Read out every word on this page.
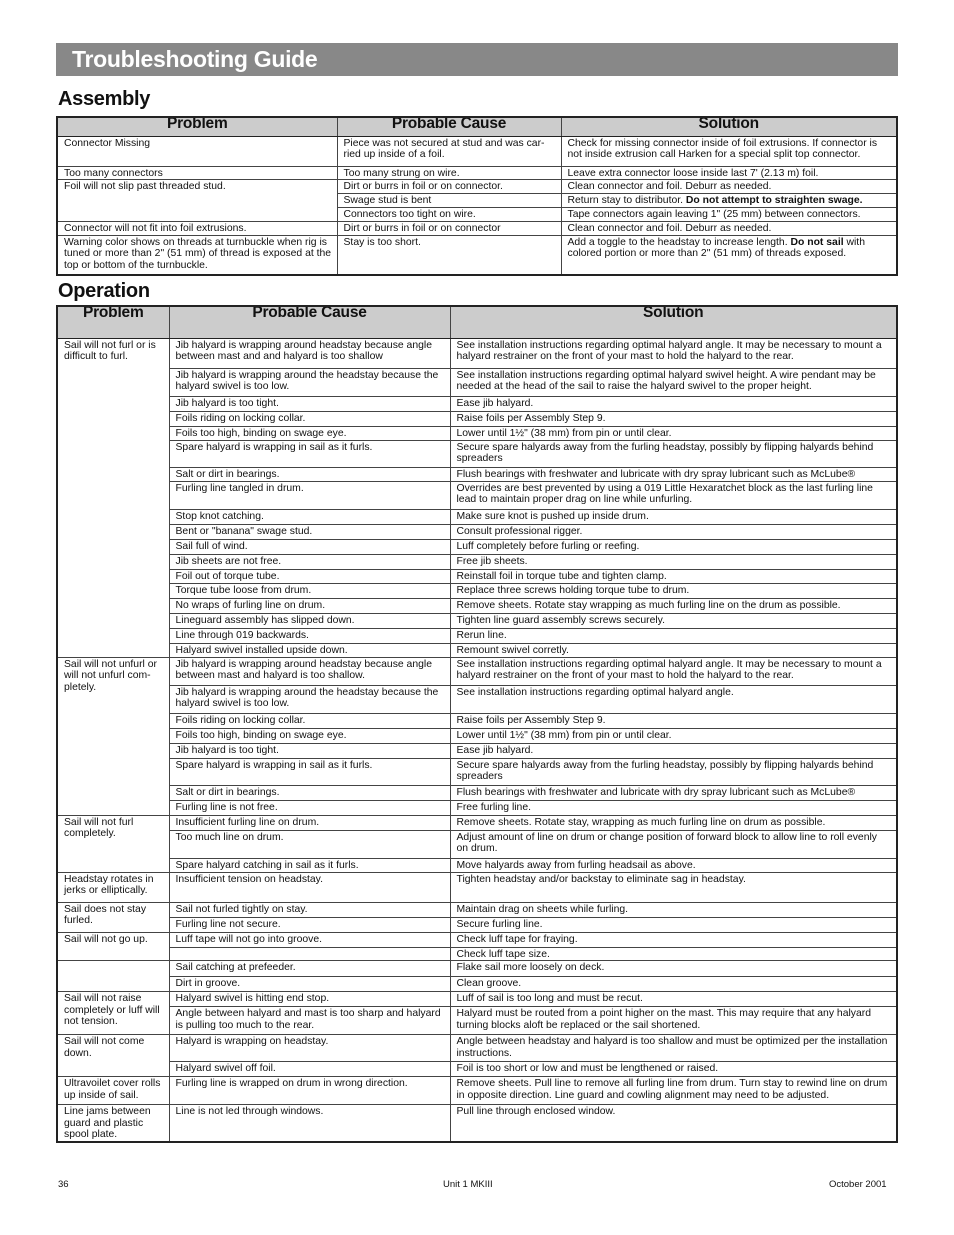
Troubleshooting Guide
Assembly
Problem	Probable Cause	Solution
Connector Missing	Piece was not secured at stud and was car- ried up inside of a foil.	Check for missing connector inside of foil extrusions. If connector is not inside extrusion call Harken for a special split top connector.
Too many connectors	Too many strung on wire.	Leave extra connector loose inside last 7' (2.13 m) foil.
Foil will not slip past threaded stud.	Dirt or burrs in foil or on connector.	Clean connector and foil. Deburr as needed.
	Swage stud is bent	Return stay to distributor. Do not attempt to straighten swage.
	Connectors too tight on wire.	Tape connectors again leaving 1" (25 mm) between connectors.
Connector will not fit into foil extrusions.	Dirt or burrs in foil or on connector	Clean connector and foil. Deburr as needed.
Warning color shows on threads at turnbuckle when rig is tuned or more than 2" (51 mm) of thread is exposed at the top or bottom of the turnbuckle.	Stay is too short.	Add a toggle to the headstay to increase length. Do not sail with colored portion or more than 2" (51 mm) of threads exposed.
Operation
Problem	Probable Cause	Solution
Sail will not furl or is difficult to furl.	Jib halyard is wrapping around headstay because angle between mast and and halyard is too shallow	See installation instructions regarding optimal halyard angle. It may be necessary to mount a halyard restrainer on the front of your mast to hold the halyard to the rear.
	Jib halyard is wrapping around the headstay because the halyard swivel is too low.	See installation instructions regarding optimal halyard swivel height. A wire pendant may be needed at the head of the sail to raise the halyard swivel to the proper height.
	Jib halyard is too tight.	Ease jib halyard.
	Foils riding on locking collar.	Raise foils per Assembly Step 9.
	Foils too high, binding on swage eye.	Lower until 1½" (38 mm) from pin or until clear.
	Spare halyard is wrapping in sail as it furls.	Secure spare halyards away from the furling headstay, possibly by flipping halyards behind spreaders
	Salt or dirt in bearings.	Flush bearings with freshwater and lubricate with dry spray lubricant such as McLube®
	Furling line tangled in drum.	Overrides are best prevented by using a 019 Little Hexaratchet block as the last furling line lead to maintain proper drag on line while unfurling.
	Stop knot catching.	Make sure knot is pushed up inside drum.
	Bent or "banana" swage stud.	Consult professional rigger.
	Sail full of wind.	Luff completely before furling or reefing.
	Jib sheets are not free.	Free jib sheets.
	Foil out of torque tube.	Reinstall foil in torque tube and tighten clamp.
	Torque tube loose from drum.	Replace three screws holding torque tube to drum.
	No wraps of furling line on drum.	Remove sheets. Rotate stay wrapping as much furling line on the drum as possible.
	Lineguard assembly has slipped down.	Tighten line guard assembly screws securely.
	Line through 019 backwards.	Rerun line.
	Halyard swivel installed upside down.	Remount swivel corretly.
Sail will not unfurl or will not unfurl com- pletely.	Jib halyard is wrapping around headstay because angle between mast and halyard is too shallow.	See installation instructions regarding optimal halyard angle. It may be necessary to mount a halyard restrainer on the front of your mast to hold the halyard to the rear.
	Jib halyard is wrapping around the headstay because the halyard swivel is too low.	See installation instructions regarding optimal halyard angle.
	Foils riding on locking collar.	Raise foils per Assembly Step 9.
	Foils too high, binding on swage eye.	Lower until 1½" (38 mm) from pin or until clear.
	Jib halyard is too tight.	Ease jib halyard.
	Spare halyard is wrapping in sail as it furls.	Secure spare halyards away from the furling headstay, possibly by flipping halyards behind spreaders
	Salt or dirt in bearings.	Flush bearings with freshwater and lubricate with dry spray lubricant such as McLube®
	Furling line is not free.	Free furling line.
Sail will not furl completely.	Insufficient furling line on drum.	Remove sheets. Rotate stay, wrapping as much furling line on drum as possible.
	Too much line on drum.	Adjust amount of line on drum or change position of forward block to allow line to roll evenly on drum.
	Spare halyard catching in sail as it furls.	Move halyards away from furling headsail as above.
Headstay rotates in jerks or elliptically.	Insufficient tension on headstay.	Tighten headstay and/or backstay to eliminate sag in headstay.
Sail does not stay furled.	Sail not furled tightly on stay.	Maintain drag on sheets while furling.
	Furling line not secure.	Secure furling line.
Sail will not go up.	Luff tape will not go into groove.	Check luff tape for fraying.
		Check luff tape size.
	Sail catching at prefeeder.	Flake sail more loosely on deck.
	Dirt in groove.	Clean groove.
Sail will not raise completely or luff will not tension.	Halyard swivel is hitting end stop.	Luff of sail is too long and must be recut.
	Angle between halyard and mast is too sharp and halyard is pulling too much to the rear.	Halyard must be routed from a point higher on the mast. This may require that any halyard turning blocks aloft be replaced or the sail shortened.
Sail will not come down.	Halyard is wrapping on headstay.	Angle between headstay and halyard is too shallow and must be optimized per the installation instructions.
	Halyard swivel off foil.	Foil is too short or low and must be lengthened or raised.
Ultravoilet cover rolls up inside of sail.	Furling line is wrapped on drum in wrong direction.	Remove sheets. Pull line to remove all furling line from drum. Turn stay to rewind line on drum in opposite direction. Line guard and cowling alignment may need to be adjusted.
Line jams between guard and plastic spool plate.	Line is not led through windows.	Pull line through enclosed window.
36	Unit 1 MKIII	October 2001
